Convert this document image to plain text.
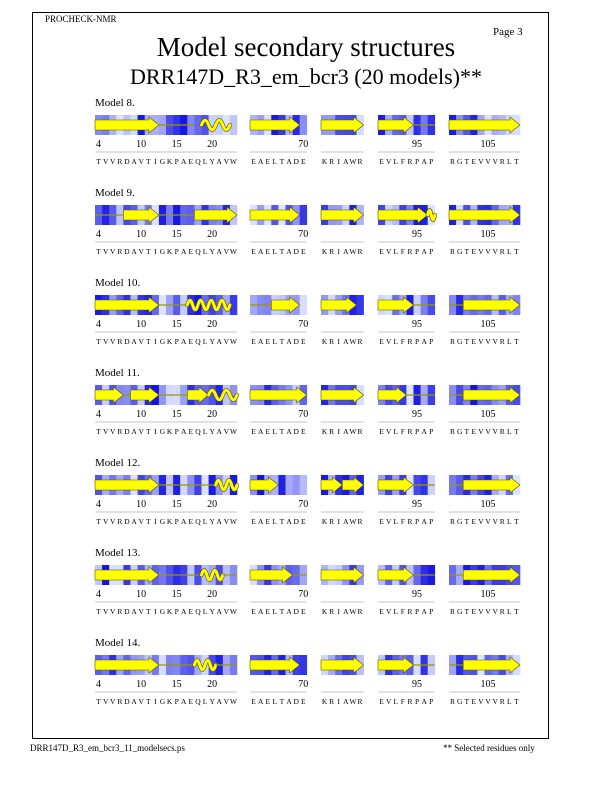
PROCHECK-NMR
Page 3
Model secondary structures
DRR147D_R3_em_bcr3 (20 models)**
Model 8.
4	10	15	20
T V V R D A V T I G K P A E Q L Y A V W
70
E A E L T A D E K R I A W R
95
E V L F R P A P
105
R G T E V V V R L T
Model 9.
4	10	15	20
T V V R D A V T I G K P A E Q L Y A V W
70
E A E L T A D E K R I A W R
95
E V L F R P A P
105
R G T E V V V R L T
Model 10.
4	10	15	20
T V V R D A V T I G K P A E Q L Y A V W
70
E A E L T A D E K R I A W R
95
E V L F R P A P
105
R G T E V V V R L T
Model 11.
4	10	15	20
T V V R D A V T I G K P A E Q L Y A V W
70
E A E L T A D E K R I A W R
95
E V L F R P A P
105
R G T E V V V R L T
Model 12.
4	10	15	20
T V V R D A V T I G K P A E Q L Y A V W
70
E A E L T A D E K R I A W R
95
E V L F R P A P
105
R G T E V V V R L T
Model 13.
4	10	15	20
T V V R D A V T I G K P A E Q L Y A V W
70
E A E L T A D E K R I A W R
95
E V L F R P A P
105
R G T E V V V R L T
Model 14.
4	10	15	20
T V V R D A V T I G K P A E Q L Y A V W
70
E A E L T A D E K R I A W R
95
E V L F R P A P
105
R G T E V V V R L T
DRR147D_R3_em_bcr3_11_modelsecs.ps	** Selected residues only
